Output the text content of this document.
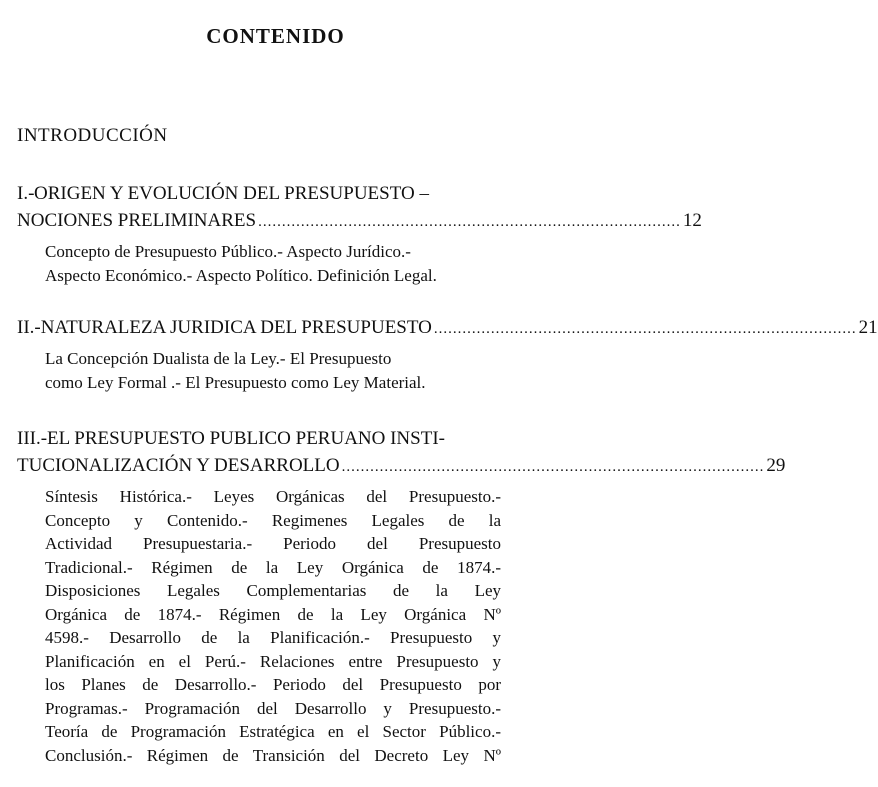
CONTENIDO
INTRODUCCIÓN
I.- ORIGEN Y EVOLUCIÓN DEL PRESUPUESTO –
NOCIONES PRELIMINARES ......................................................................................... 12
Concepto de Presupuesto Público.- Aspecto Jurídico.-
Aspecto Económico.- Aspecto Político. Definición Legal.
II.- NATURALEZA JURIDICA DEL PRESUPUESTO ......................................................................................... 21
La Concepción Dualista de la Ley.- El Presupuesto
como Ley Formal .- El Presupuesto como Ley Material.
III.- EL PRESUPUESTO PUBLICO PERUANO INSTI-
TUCIONALIZACIÓN Y DESARROLLO ......................................................................................... 29
Síntesis Histórica.- Leyes Orgánicas del Presupuesto.-
Concepto y Contenido.- Regimenes Legales de la
Actividad Presupuestaria.- Periodo del Presupuesto
Tradicional.- Régimen de la Ley Orgánica de 1874.-
Disposiciones Legales Complementarias de la Ley
Orgánica de 1874.- Régimen de la Ley Orgánica Nº
4598.- Desarrollo de la Planificación.- Presupuesto y
Planificación en el Perú.- Relaciones entre Presupuesto y
los Planes de Desarrollo.- Periodo del Presupuesto por
Programas.- Programación del Desarrollo y Presupuesto.-
Teoría de Programación Estratégica en el Sector Público.-
Conclusión.- Régimen de Transición del Decreto Ley Nº
